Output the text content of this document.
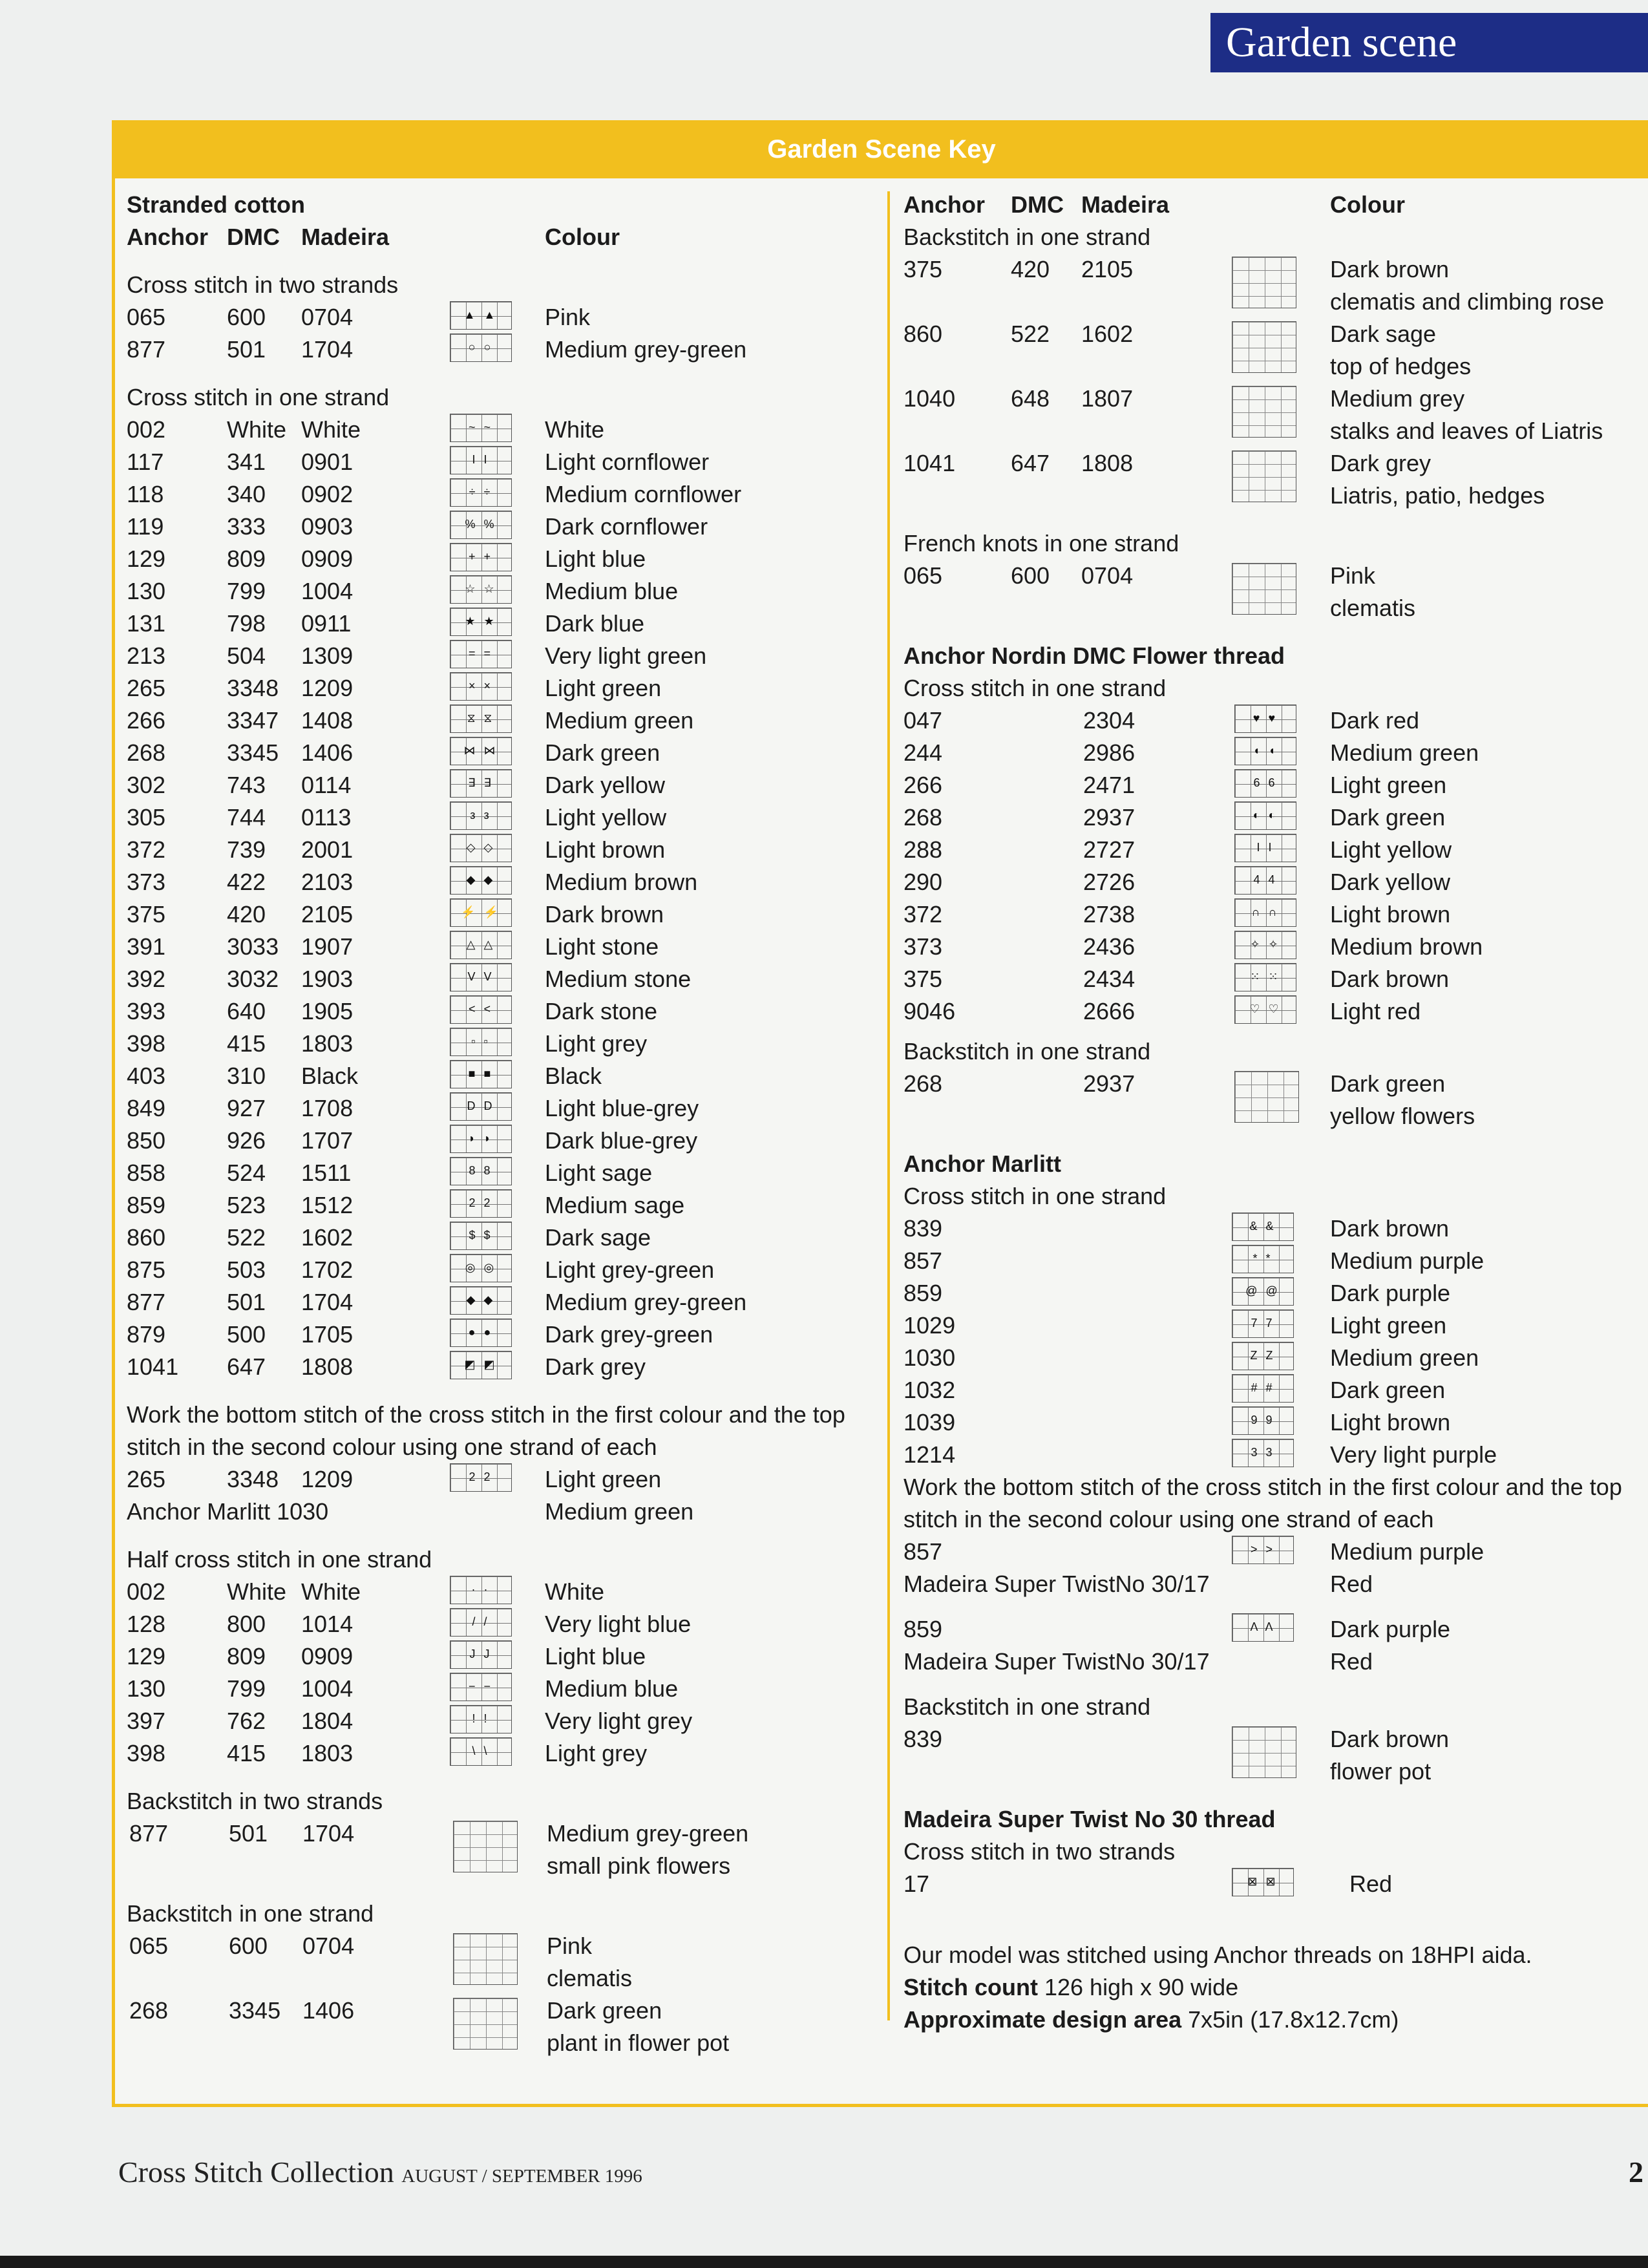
Garden scene
Garden Scene Key
Stranded cotton
Anchor DMC Madeira	Colour
Cross stitch in two strands
065	600 0704	Pink
▲ ▲
877	501 1704	Medium grey-green
○ ○
Cross stitch in one strand
002	White White	White
~ ~
117	341 0901	Light cornflower
I I
118	340 0902	Medium cornflower
÷ ÷
119	333 0903	Dark cornflower
% %
129	809 0909	Light blue
+ +
130	799 1004	Medium blue
☆ ☆
131	798 0911	Dark blue
★ ★
213	504 1309	Very light green
= =
265	3348 1209	Light green
× ×
266	3347 1408	Medium green
⧖ ⧖
268	3345 1406	Dark green
⋈ ⋈
302	743 0114	Dark yellow
∃ ∃
305	744 0113	Light yellow
з з
372	739 2001	Light brown
◇ ◇
373	422 2103	Medium brown
◆ ◆
375	420 2105	Dark brown
⚡ ⚡
391	3033 1907	Light stone
△ △
392	3032 1903	Medium stone
V V
393	640 1905	Dark stone
< <
398	415 1803	Light grey
▫ ▫
403	310 Black	Black
■ ■
849	927 1708	Light blue-grey
D D
850	926 1707	Dark blue-grey
◗ ◗
858	524 1511	Light sage
8 8
859	523 1512	Medium sage
2 2
860	522 1602	Dark sage
$ $
875	503 1702	Light grey-green
◎ ◎
877	501 1704	Medium grey-green
◆ ◆
879	500 1705	Dark grey-green
● ●
1041 647 1808	Dark grey
◩ ◩
Work the bottom stitch of the cross stitch in the first colour and the top stitch in the second colour using one strand of each
265	3348 1209	Light green
2 2
Anchor Marlitt 1030	Medium green
Half cross stitch in one strand
002	White White	White
· ·
128	800 1014	Very light blue
/ /
129	809 0909	Light blue
J J
130	799 1004	Medium blue
− −
397	762 1804	Very light grey
! !
398	415 1803	Light grey
\ \
Backstitch in two strands
877	501 1704	Medium grey-green
small pink flowers
Backstitch in one strand
065	600 0704	Pink
clematis
268	3345 1406	Dark green
plant in flower pot
Anchor DMC Madeira	Colour
Backstitch in one strand
375	420 2105	Dark brown
clematis and climbing rose
860	522 1602	Dark sage
top of hedges
1040 648 1807	Medium grey
stalks and leaves of Liatris
1041 647 1808	Dark grey
Liatris, patio, hedges
French knots in one strand
065	600 0704	Pink
clematis
Anchor Nordin DMC Flower thread
Cross stitch in one strand
047	2304	Dark red
♥ ♥
244	2986	Medium green
◖ ◖
266	2471	Light green
6 6
268	2937	Dark green
◐ ◐
288	2727	Light yellow
I I
290	2726	Dark yellow
4 4
372	2738	Light brown
∩ ∩
373	2436	Medium brown
✧ ✧
375	2434	Dark brown
⁙ ⁙
9046	2666	Light red
♡ ♡
Backstitch in one strand
268	2937	Dark green
yellow flowers
Anchor Marlitt
Cross stitch in one strand
839	Dark brown
& &
857	Medium purple
* *
859	Dark purple
@ @
1029	Light green
7 7
1030	Medium green
Z Z
1032	Dark green
# #
1039	Light brown
9 9
1214	Very light purple
3 3
Work the bottom stitch of the cross stitch in the first colour and the top stitch in the second colour using one strand of each
857	Medium purple
> >
Madeira Super TwistNo 30/17	Red
859	Dark purple
Λ Λ
Madeira Super TwistNo 30/17	Red
Backstitch in one strand
839	Dark brown
flower pot
Madeira Super Twist No 30 thread
Cross stitch in two strands
17	Red
⊠ ⊠
Our model was stitched using Anchor threads on 18HPI aida.
Stitch count 126 high x 90 wide
Approximate design area 7x5in (17.8x12.7cm)
Cross Stitch Collection AUGUST / SEPTEMBER 1996	2
